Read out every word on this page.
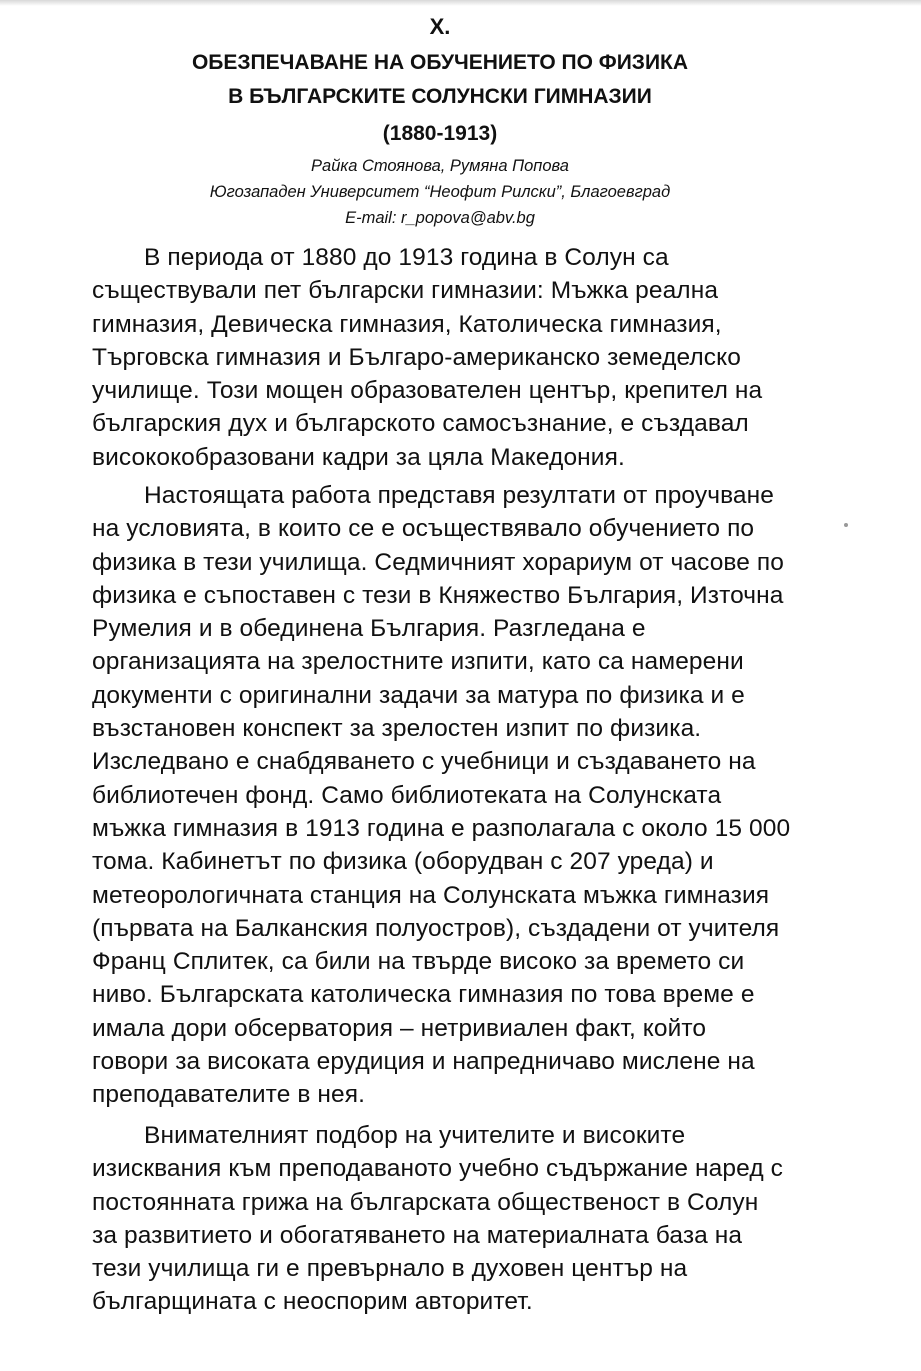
X.
ОБЕЗПЕЧАВАНЕ НА ОБУЧЕНИЕТО ПО ФИЗИКА
В БЪЛГАРСКИТЕ СОЛУНСКИ ГИМНАЗИИ
(1880-1913)
Райка Стоянова, Румяна Попова
Югозападен Университет “Неофит Рилски”, Благоевград
E-mail: r_popova@abv.bg
В периода от 1880 до 1913 година в Солун са
съществували пет български гимназии: Мъжка реална
гимназия, Девическа гимназия, Католическа гимназия,
Търговска гимназия и Българо-американско земеделско
училище. Този мощен образователен център, крепител на
българския дух и българското самосъзнание, е създавал
висококобразовани кадри за цяла Македония.
Настоящата работа представя резултати от проучване
на условията, в които се е осъществявало обучението по
физика в тези училища. Седмичният хорариум от часове по
физика е съпоставен с тези в Княжество България, Източна
Румелия и в обединена България. Разгледана е
организацията на зрелостните изпити, като са намерени
документи с оригинални задачи за матура по физика и е
възстановен конспект за зрелостен изпит по физика.
Изследвано е снабдяването с учебници и създаването на
библиотечен фонд. Само библиотеката на Солунската
мъжка гимназия в 1913 година е разполагала с около 15 000
тома. Кабинетът по физика (оборудван с 207 уреда) и
метеорологичната станция на Солунската мъжка гимназия
(първата на Балканския полуостров), създадени от учителя
Франц Сплитек, са били на твърде високо за времето си
ниво. Българската католическа гимназия по това време е
имала дори обсерватория – нетривиален факт, който
говори за високата ерудиция и напредничаво мислене на
преподавателите в нея.
Внимателният подбор на учителите и високите
изисквания към преподаваното учебно съдържание наред с
постоянната грижа на българската общественост в Солун
за развитието и обогатяването на материалната база на
тези училища ги е превърнало в духовен център на
българщината с неоспорим авторитет.
